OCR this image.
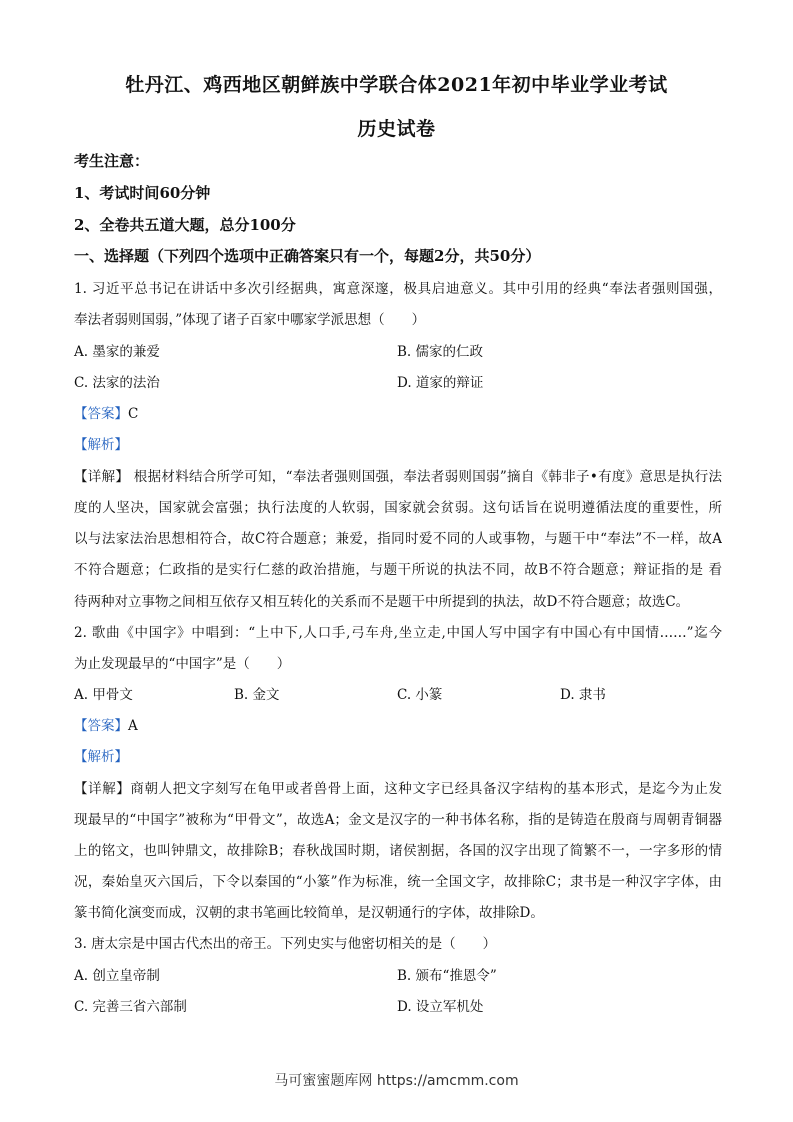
牡丹江、鸡西地区朝鲜族中学联合体2021年初中毕业学业考试
历史试卷
考生注意：
1、考试时间60分钟
2、全卷共五道大题，总分100分
一、选择题（下列四个选项中正确答案只有一个，每题2分，共50分）
1. 习近平总书记在讲话中多次引经据典，寓意深邃，极具启迪意义。其中引用的经典“奉法者强则国强，
奉法者弱则国弱，”体现了诸子百家中哪家学派思想（　　）
A. 墨家的兼爱	B. 儒家的仁政
C. 法家的法治	D. 道家的辩证
【答案】C
【解析】
【详解】 根据材料结合所学可知，“奉法者强则国强，奉法者弱则国弱”摘自《韩非子•有度》意思是执行法
度的人坚决，国家就会富强；执行法度的人软弱，国家就会贫弱。这句话旨在说明遵循法度的重要性，所
以与法家法治思想相符合，故C符合题意；兼爱，指同时爱不同的人或事物，与题干中“奉法”不一样，故A
不符合题意；仁政指的是实行仁慈的政治措施，与题干所说的执法不同，故B不符合题意；辩证指的是 看
待两种对立事物之间相互依存又相互转化的关系而不是题干中所提到的执法，故D不符合题意；故选C。
2. 歌曲《中国字》中唱到：“上中下,人口手,弓车舟,坐立走,中国人写中国字有中国心有中国情……”迄今
为止发现最早的“中国字”是（　　）
A. 甲骨文	B. 金文	C. 小篆	D. 隶书
【答案】A
【解析】
【详解】商朝人把文字刻写在龟甲或者兽骨上面，这种文字已经具备汉字结构的基本形式，是迄今为止发
现最早的“中国字”被称为“甲骨文”，故选A；金文是汉字的一种书体名称，指的是铸造在殷商与周朝青铜器
上的铭文，也叫钟鼎文，故排除B；春秋战国时期，诸侯割据，各国的汉字出现了简繁不一，一字多形的情
况，秦始皇灭六国后，下令以秦国的“小篆”作为标准，统一全国文字，故排除C；隶书是一种汉字字体，由
篆书简化演变而成，汉朝的隶书笔画比较简单，是汉朝通行的字体，故排除D。
3. 唐太宗是中国古代杰出的帝王。下列史实与他密切相关的是（　　）
A. 创立皇帝制	B. 颁布“推恩令”
C. 完善三省六部制	D. 设立军机处
马可蜜蜜题库网 https://amcmm.com
